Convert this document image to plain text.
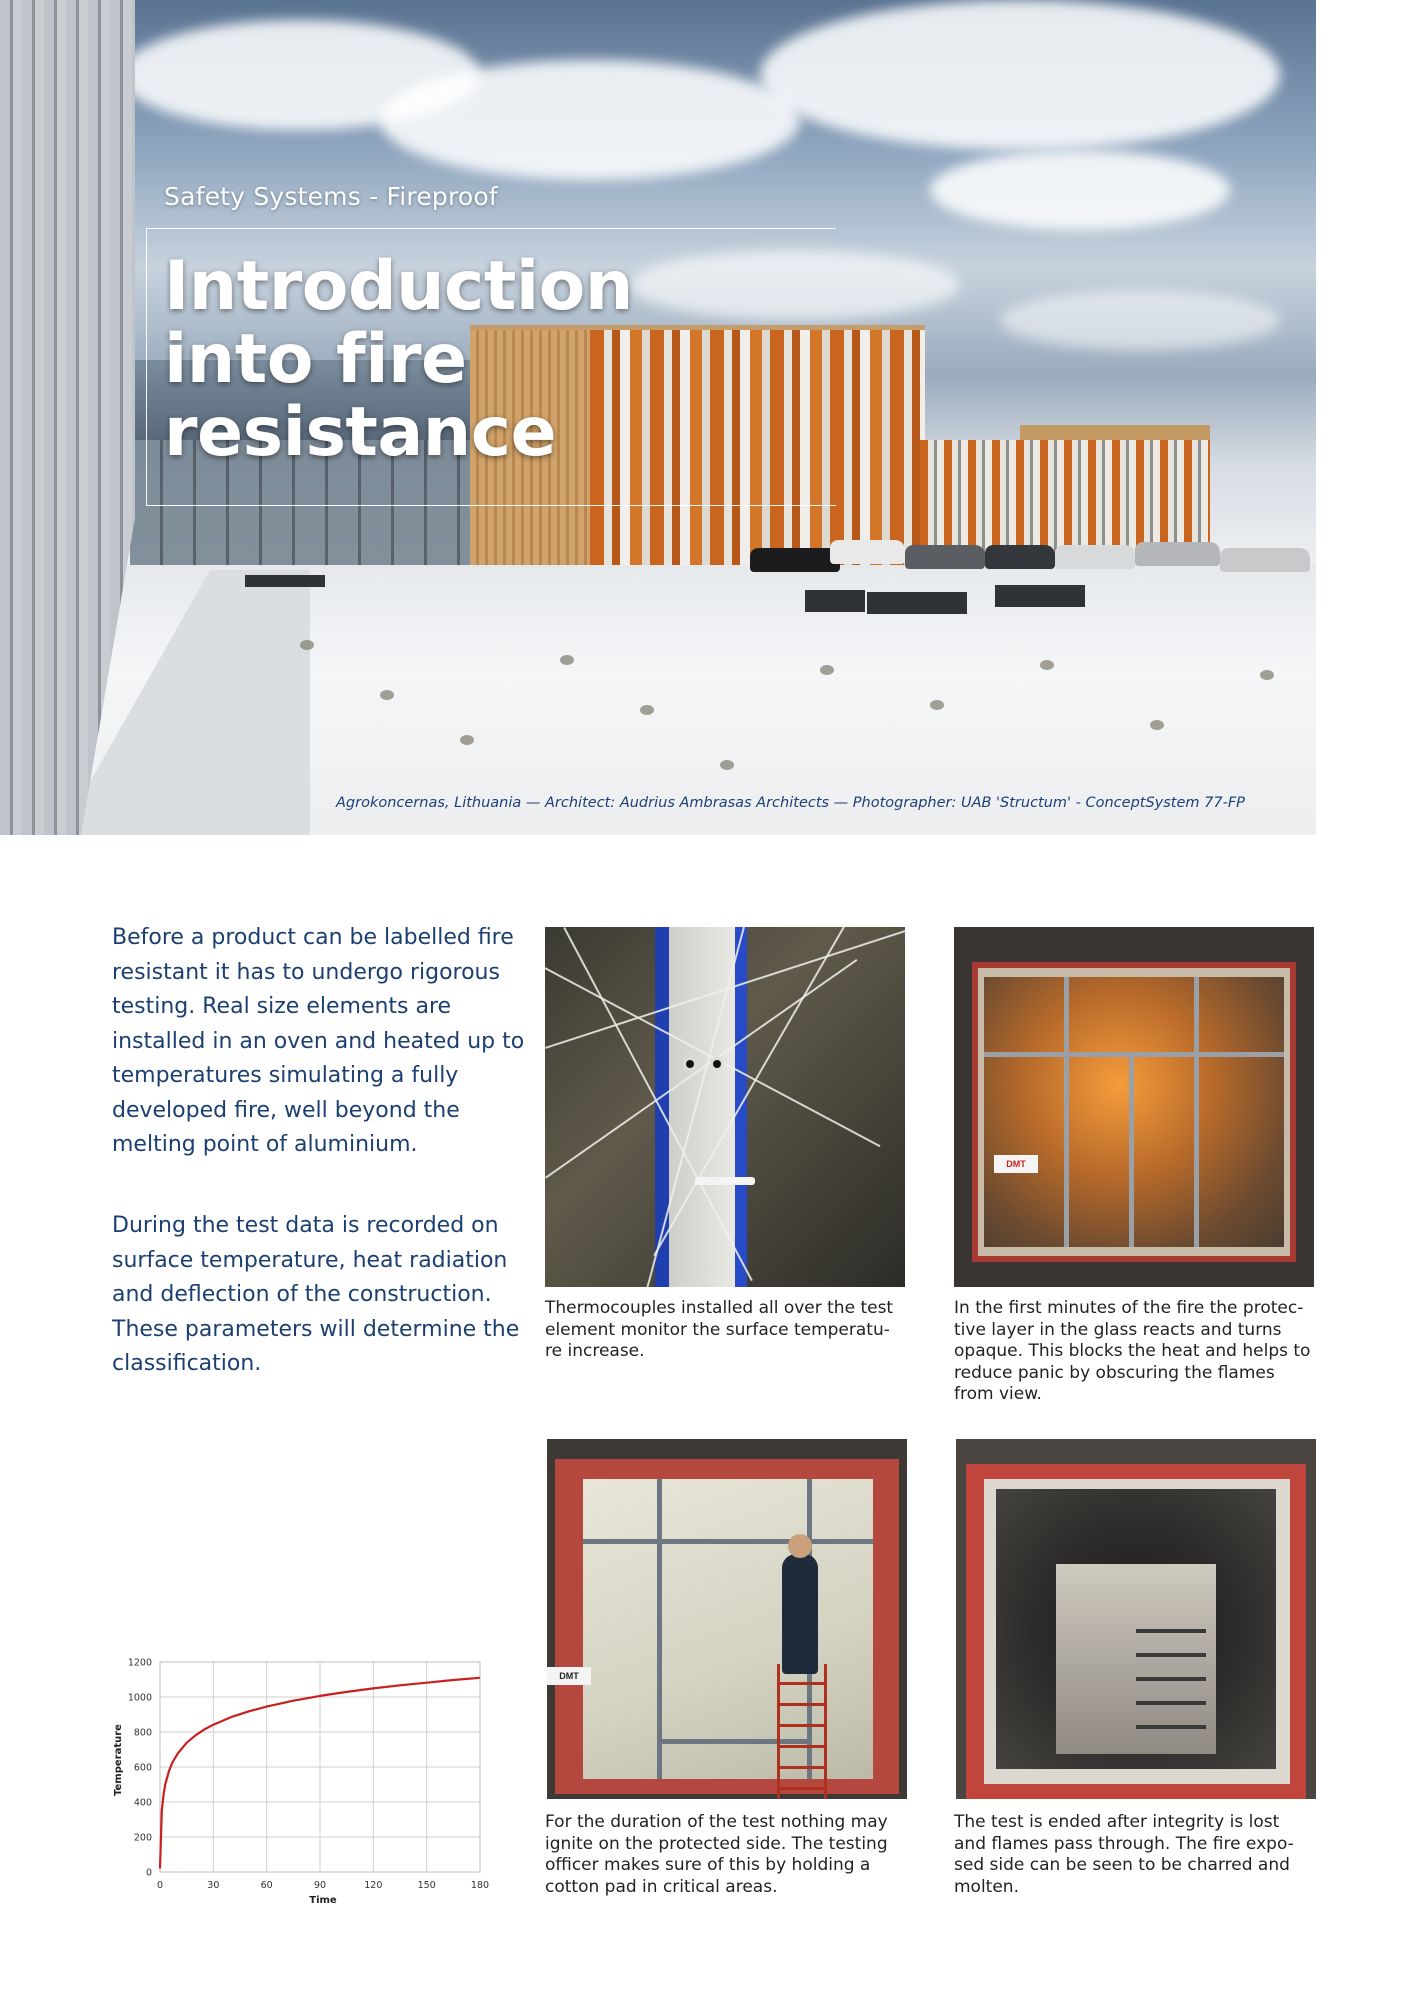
Safety Systems - Fireproof
Introduction into fire resistance
Agrokoncernas, Lithuania — Architect: Audrius Ambrasas Architects — Photographer: UAB 'Structum' - ConceptSystem 77-FP

Before a product can be labelled fire resistant it has to undergo rigorous testing. Real size elements are installed in an oven and heated up to temperatures simulating a fully developed fire, well beyond the melting point of aluminium.

During the test data is recorded on surface temperature, heat radiation and deflection of the construction. These parameters will determine the classification.

Thermocouples installed all over the test element monitor the surface temperatu-re increase.

DMT

In the first minutes of the fire the protec-tive layer in the glass reacts and turns opaque. This blocks the heat and helps to reduce panic by obscuring the flames from view.

DMT

For the duration of the test nothing may ignite on the protected side. The testing officer makes sure of this by holding a cotton pad in critical areas.

The test is ended after integrity is lost and flames pass through. The fire expo-sed side can be seen to be charred and molten.

0
200
400
600
800
1000
1200
0	30	60	90	120	150	180
Time
Temperature
